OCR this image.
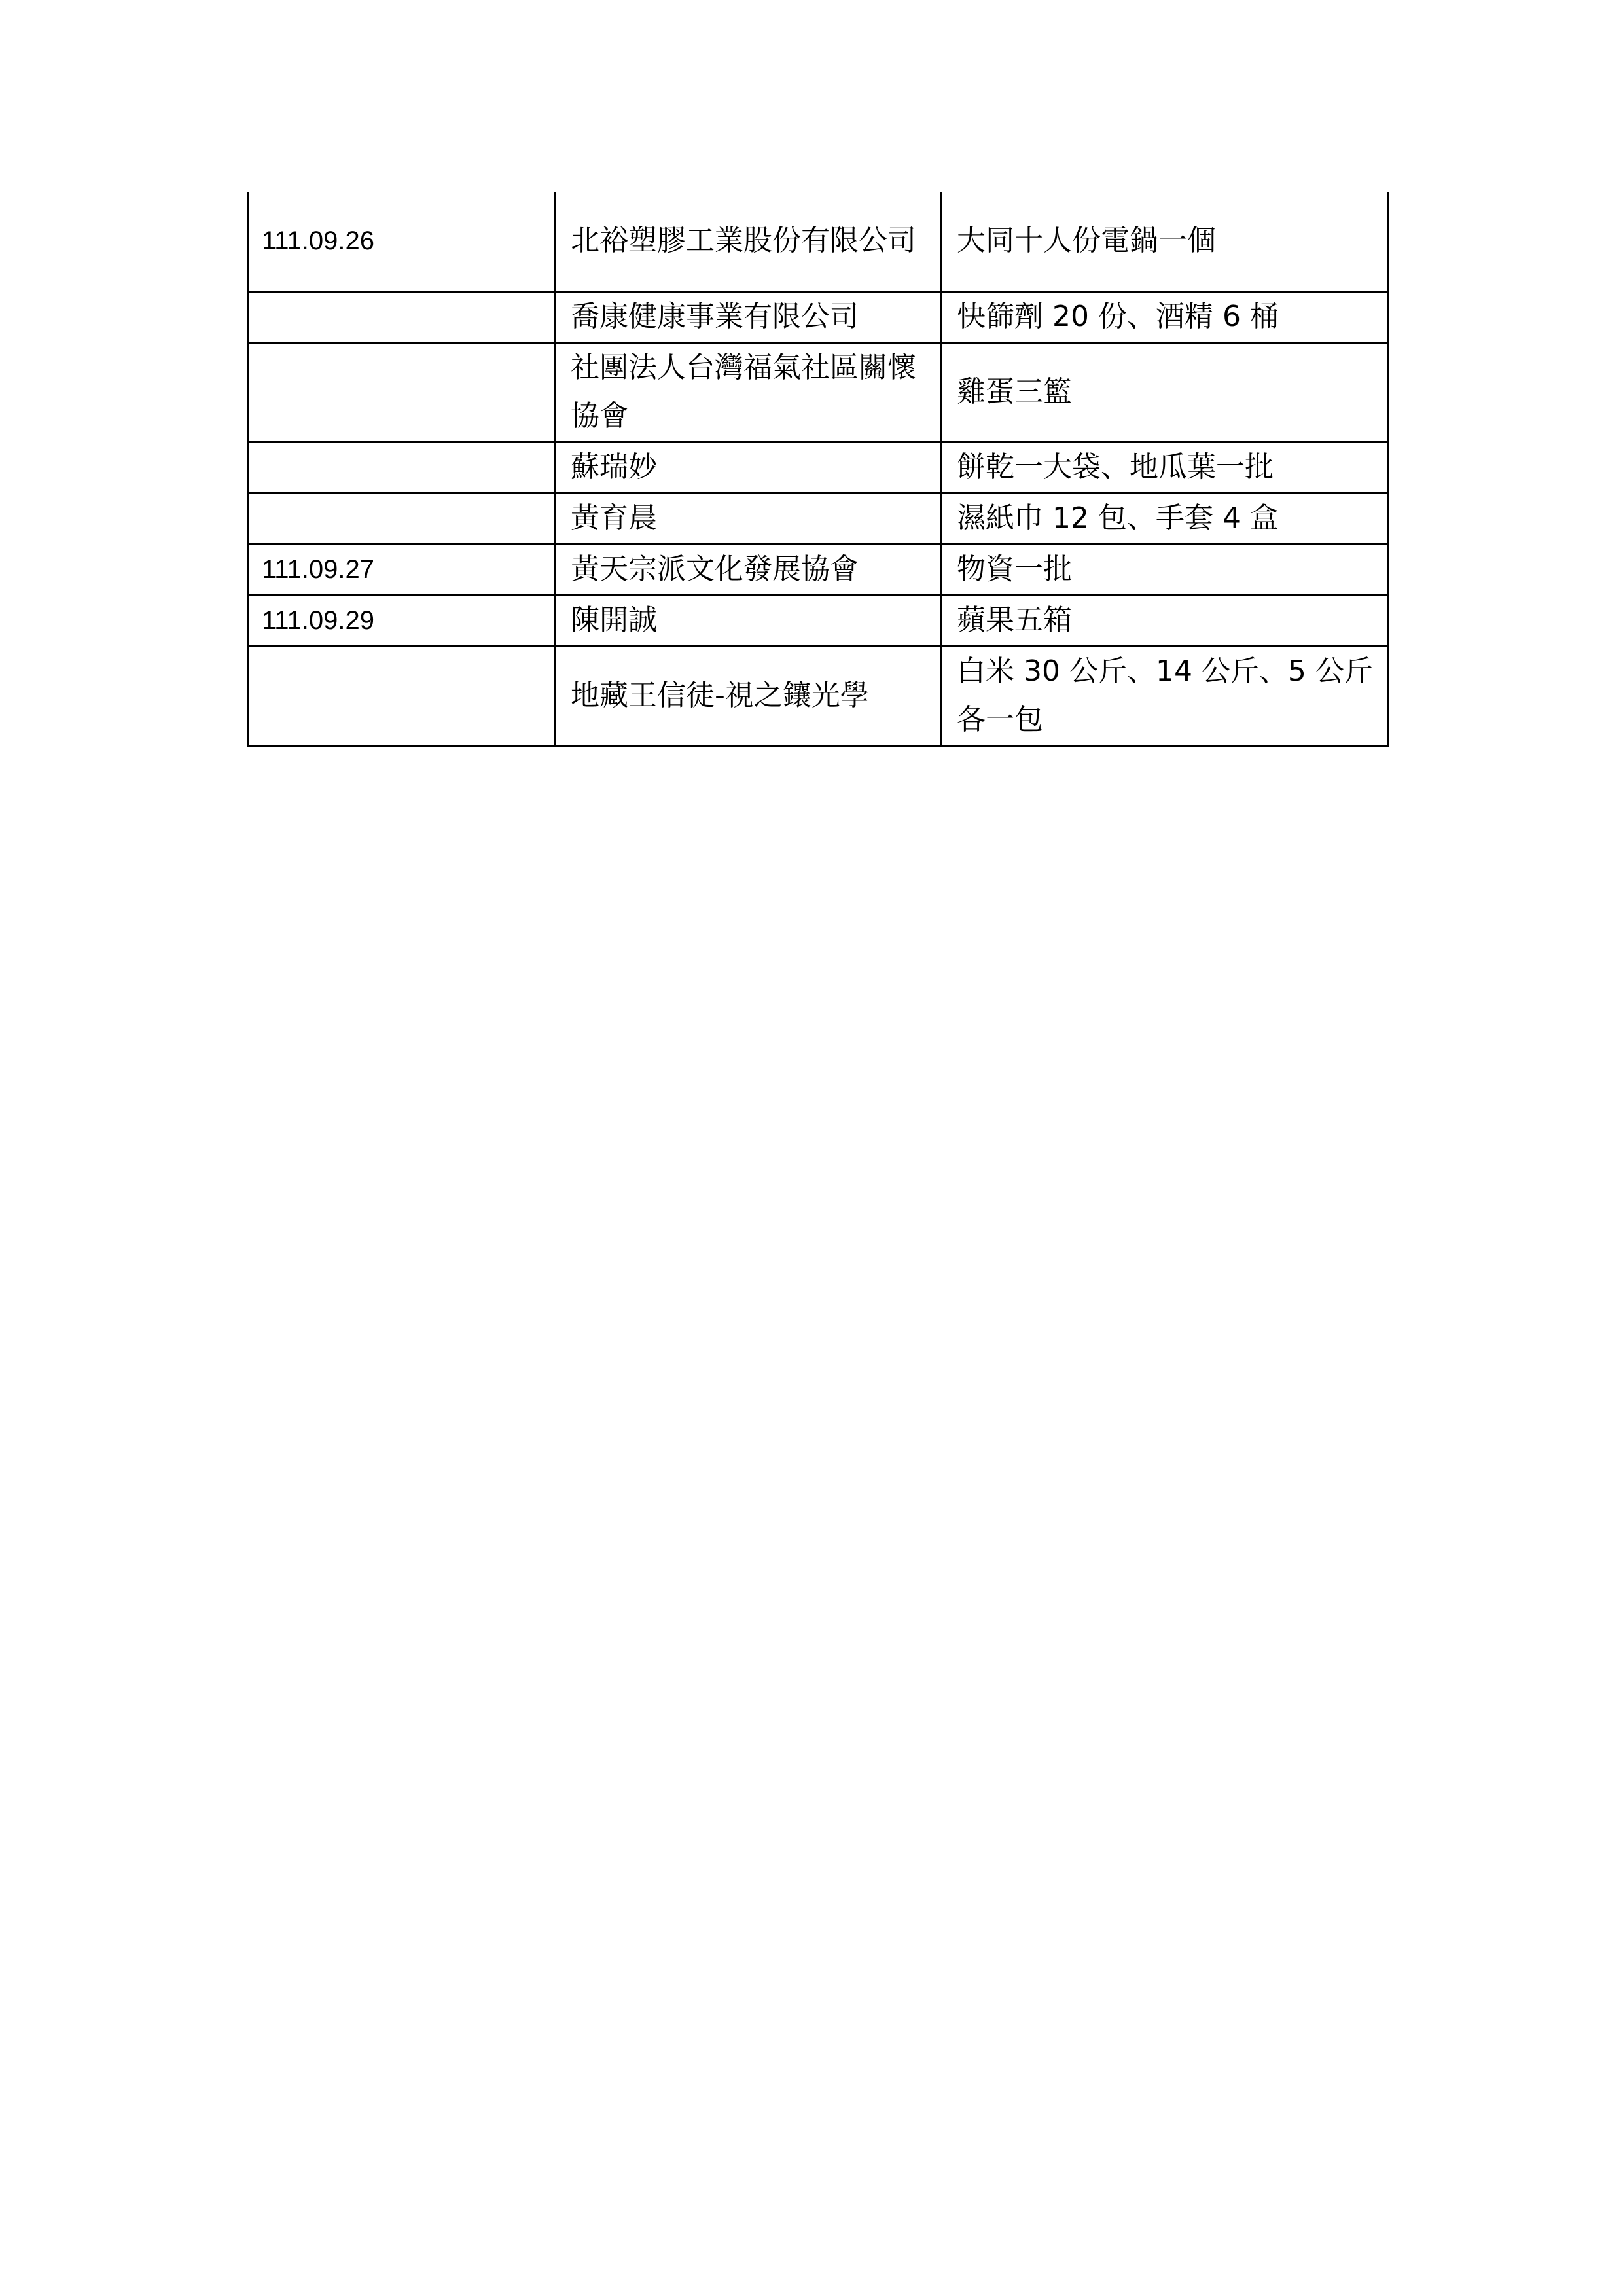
111.09.26	北裕塑膠工業股份有限公司	大同十人份電鍋一個
	喬康健康事業有限公司	快篩劑 20 份、酒精 6 桶
	社團法人台灣福氣社區關懷協會	雞蛋三籃
	蘇瑞妙	餅乾一大袋、地瓜葉一批
	黃育晨	濕紙巾 12 包、手套 4 盒
111.09.27	黃天宗派文化發展協會	物資一批
111.09.29	陳開誠	蘋果五箱
	地藏王信徒-視之鑲光學	白米 30 公斤、14 公斤、5 公斤各一包
